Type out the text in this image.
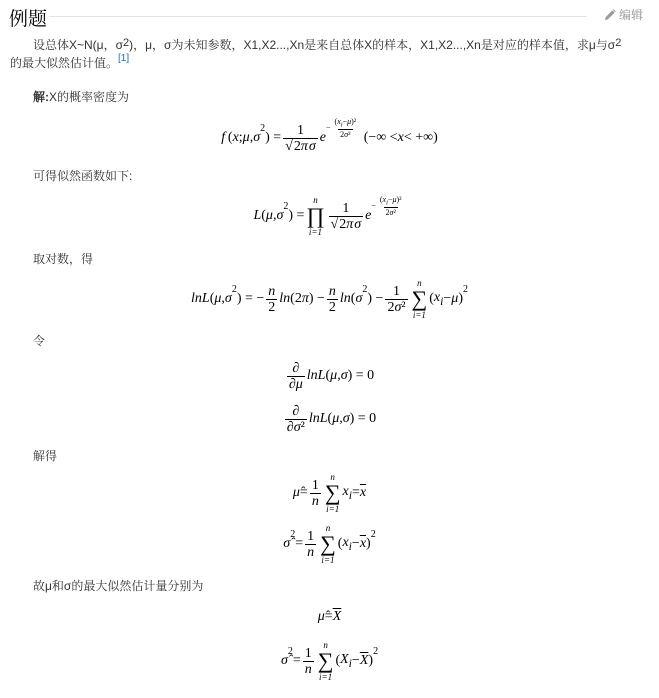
例题	编辑
设总体X~N(μ，$\sigma^2$)，μ，σ为未知参数，X1,X2...,Xn是来自总体X的样本，X1,X2...,Xn是对应的样本值，求μ与$\sigma^2$
的最大似然估计值。[1]
解:X的概率密度为
f  ( x ; μ , σ
2
) = 1
√2πσ
e
− $\frac{(x_i-\mu)^2}{\text{2σ²}}$ (−∞ < x < +∞)
可得似然函数如下:
L ( μ , σ
2
) =
n
∏
i=1
1
√2πσ
e
− $\frac{(x_i-\mu)^2}{\text{2σ²}}$
取对数，得
lnL ( μ , σ
2
) = − n
2
ln (2 π ) − n
2
ln ( σ
2
) − 1
2σ²
n
∑
i=1
( $x_i - \mu$ )
2
令
∂
∂μ
lnL ( μ , σ ) = 0
∂
∂σ²
lnL ( μ , σ ) = 0
解得
μ̂ = 1
n
n
∑
i=1
$x_i = \overline{x}$
σ̂
2
= 1
n
n
∑
i=1
( $x_i - \overline{x}$ )
2
故μ和σ的最大似然估计量分别为
μ̂ = $\overline{X}$
σ̂
2
= 1
n
n
∑
i=1
( $X_i - \overline{X}$ )
2
